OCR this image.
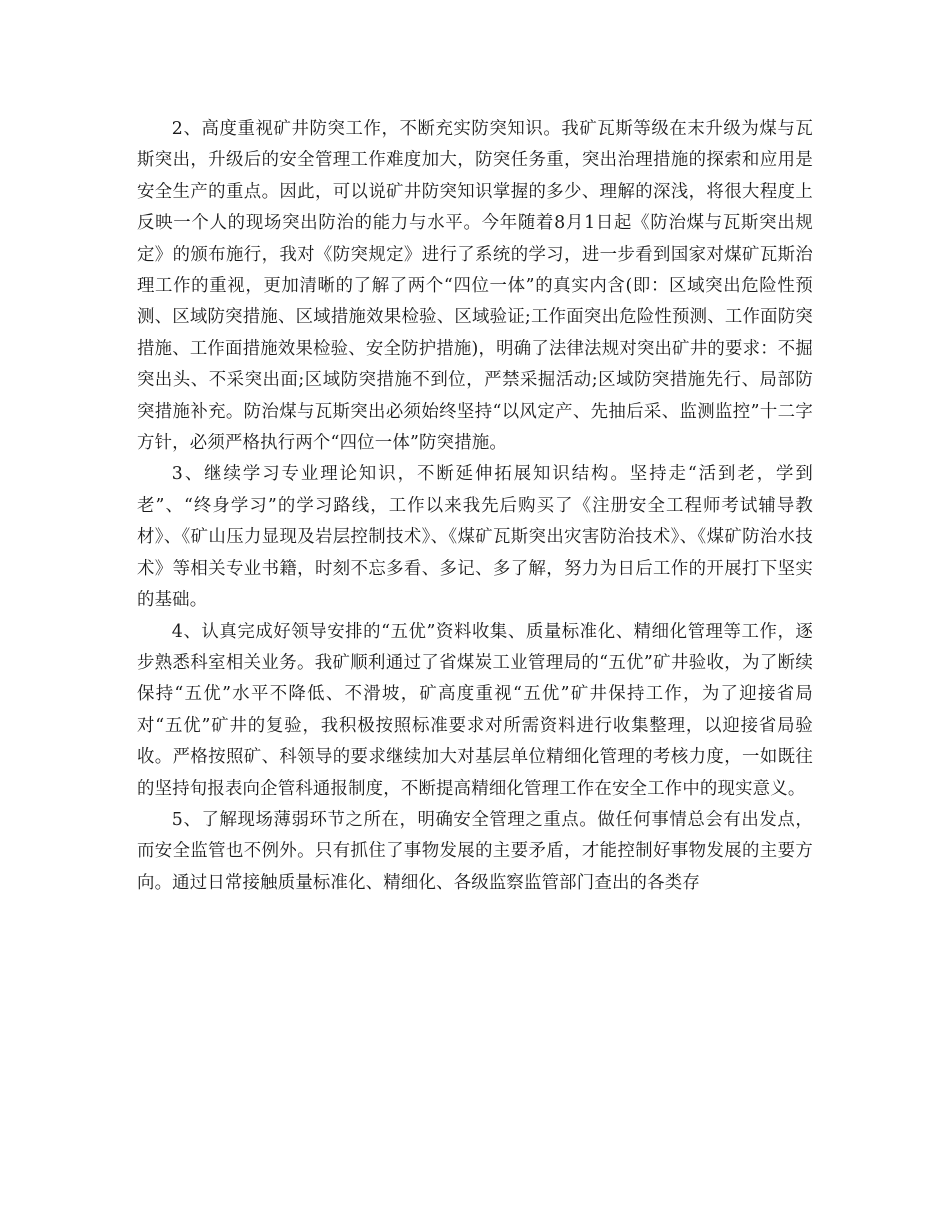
2、高度重视矿井防突工作，不断充实防突知识。我矿瓦斯等级在末升级为煤与瓦斯突出，升级后的安全管理工作难度加大，防突任务重，突出治理措施的探索和应用是安全生产的重点。因此，可以说矿井防突知识掌握的多少、理解的深浅，将很大程度上反映一个人的现场突出防治的能力与水平。今年随着8月1日起《防治煤与瓦斯突出规定》的颁布施行，我对《防突规定》进行了系统的学习，进一步看到国家对煤矿瓦斯治理工作的重视，更加清晰的了解了两个“四位一体”的真实内含(即：区域突出危险性预测、区域防突措施、区域措施效果检验、区域验证;工作面突出危险性预测、工作面防突措施、工作面措施效果检验、安全防护措施)，明确了法律法规对突出矿井的要求：不掘突出头、不采突出面;区域防突措施不到位，严禁采掘活动;区域防突措施先行、局部防突措施补充。防治煤与瓦斯突出必须始终坚持“以风定产、先抽后采、监测监控”十二字方针，必须严格执行两个“四位一体”防突措施。

3、继续学习专业理论知识，不断延伸拓展知识结构。坚持走“活到老，学到老”、“终身学习”的学习路线，工作以来我先后购买了《注册安全工程师考试辅导教材》、《矿山压力显现及岩层控制技术》、《煤矿瓦斯突出灾害防治技术》、《煤矿防治水技术》等相关专业书籍，时刻不忘多看、多记、多了解，努力为日后工作的开展打下坚实的基础。

4、认真完成好领导安排的“五优”资料收集、质量标准化、精细化管理等工作，逐步熟悉科室相关业务。我矿顺利通过了省煤炭工业管理局的“五优”矿井验收，为了断续保持“五优”水平不降低、不滑坡，矿高度重视“五优”矿井保持工作，为了迎接省局对“五优”矿井的复验，我积极按照标准要求对所需资料进行收集整理，以迎接省局验收。严格按照矿、科领导的要求继续加大对基层单位精细化管理的考核力度，一如既往的坚持旬报表向企管科通报制度，不断提高精细化管理工作在安全工作中的现实意义。

5、了解现场薄弱环节之所在，明确安全管理之重点。做任何事情总会有出发点，而安全监管也不例外。只有抓住了事物发展的主要矛盾，才能控制好事物发展的主要方向。通过日常接触质量标准化、精细化、各级监察监管部门查出的各类存
